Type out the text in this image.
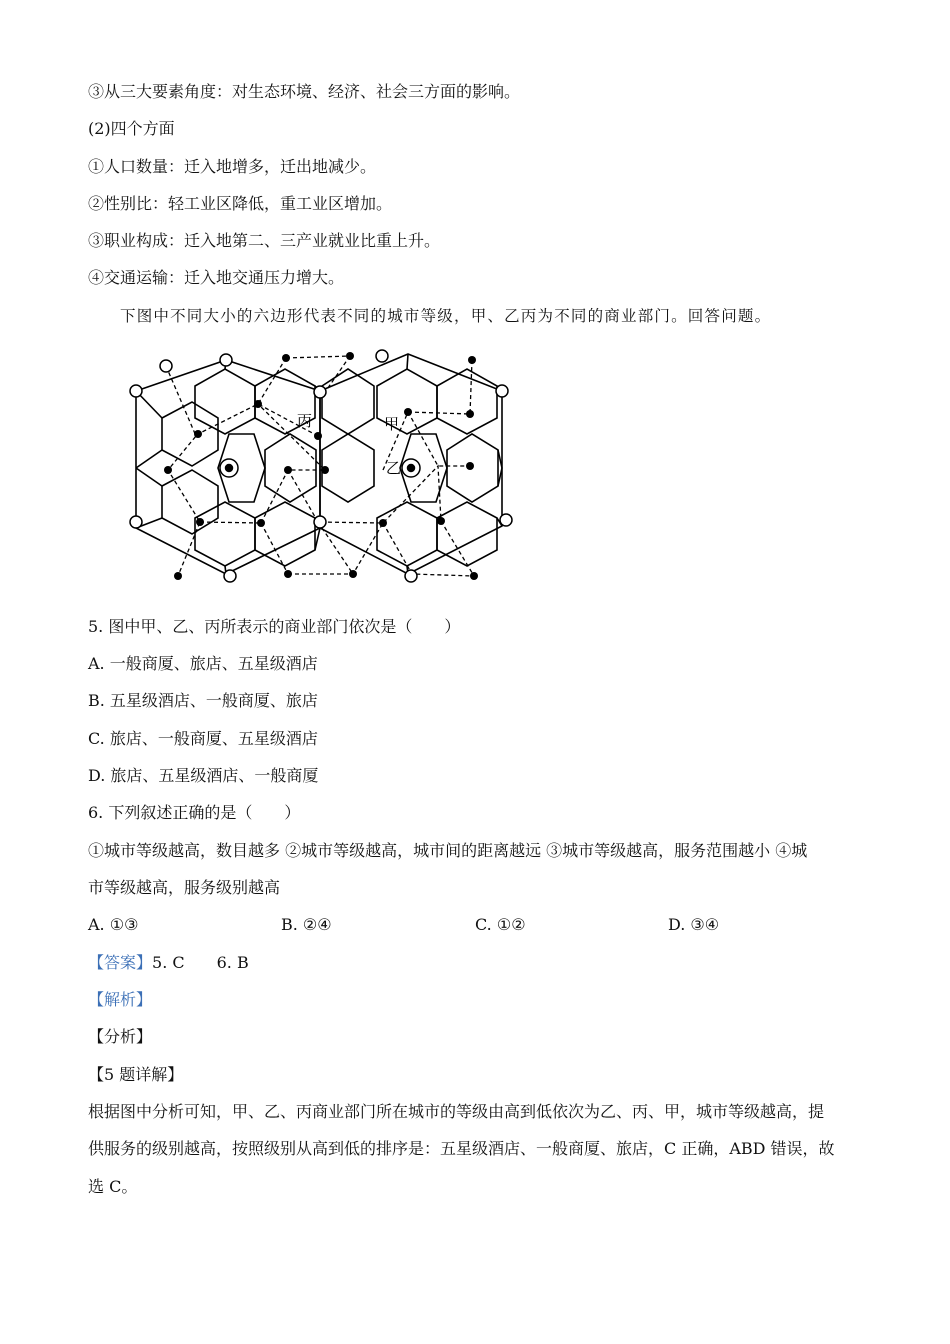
③从三大要素角度：对生态环境、经济、社会三方面的影响。
(2)四个方面
①人口数量：迁入地增多，迁出地减少。
②性别比：轻工业区降低，重工业区增加。
③职业构成：迁入地第二、三产业就业比重上升。
④交通运输：迁入地交通压力增大。
下图中不同大小的六边形代表不同的城市等级，甲、乙丙为不同的商业部门。回答问题。
丙	甲
乙
5. 图中甲、乙、丙所表示的商业部门依次是（　　）
A. 一般商厦、旅店、五星级酒店
B. 五星级酒店、一般商厦、旅店
C. 旅店、一般商厦、五星级酒店
D. 旅店、五星级酒店、一般商厦
6. 下列叙述正确的是（　　）
①城市等级越高，数目越多 ②城市等级越高，城市间的距离越远 ③城市等级越高，服务范围越小 ④城
市等级越高，服务级别越高
A. ①③	B. ②④	C. ①②	D. ③④
【答案】5. C　　6. B
【解析】
【分析】
【5 题详解】
根据图中分析可知，甲、乙、丙商业部门所在城市的等级由高到低依次为乙、丙、甲，城市等级越高，提
供服务的级别越高，按照级别从高到低的排序是：五星级酒店、一般商厦、旅店，C 正确，ABD 错误，故
选 C。
